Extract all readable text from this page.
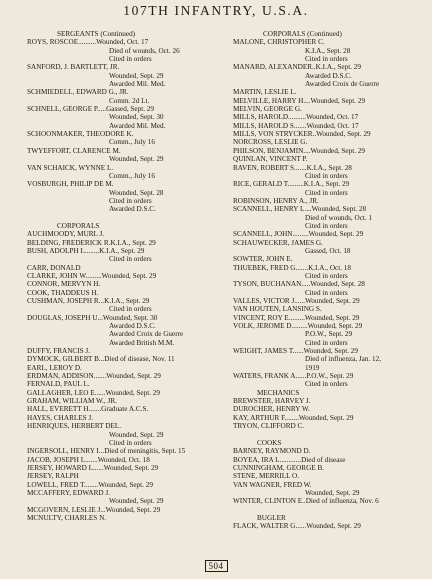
107TH INFANTRY, U.S.A.
SERGEANTS (Continued)
ROYS, ROSCOE..........Wounded, Oct. 17
Died of wounds, Oct. 26
Cited in orders
SANFORD, J. BARTLETT, JR.
Wounded, Sept. 29
Awarded Mil. Med.
SCHMIEDELL, EDWARD G., JR.
Comm. 2d Lt.
SCHNELL, GEORGE P.....Gassed, Sept. 29
Wounded, Sept. 30
Awarded Mil. Med.
SCHOONMAKER, THEODORE K.
Comm., July 16
TWYEFFORT, CLARENCE M.
Wounded, Sept. 29
VAN SCHAICK, WYNNE L.
Comm., July 16
VOSBURGH, PHILIP DE M.
Wounded, Sept. 28
Cited in orders
Awarded D.S.C.
CORPORALS
AUCHMOODY, MURL J.
BELDING, FREDERICK R.K.I.A., Sept. 29
BUSH, ADOLPH L........K.I.A., Sept. 29
Cited in orders
CARR, DONALD
CLARKE, JOHN W.........Wounded, Sept. 29
CONNOR, MERVYN H.
COOK, THADDEUS H.
CUSHMAN, JOSEPH R...K.I.A., Sept. 29
Cited in orders
DOUGLAS, JOSEPH U...Wounded, Sept. 30
Awarded D.S.C.
Awarded Croix de Guerre
Awarded British M.M.
DUFFY, FRANCIS J.
DYMOCK, GILBERT B...Died of disease, Nov. 11
EARL, LEROY D.
ERDMAN, ADDISON.......Wounded, Sept. 29
FERNALD, PAUL L.
GALLAGHER, LEO E......Wounded, Sept. 29
GRAHAM, WILLIAM W., JR.
HALL, EVERETT H.......Graduate A.C.S.
HAYES, CHARLES J.
HENRIQUES, HERBERT DEL.
Wounded, Sept. 29
Cited in orders
INGERSOLL, HENRY I...Died of meningitis, Sept. 15
JACOB, JOSEPH L.......Wounded, Oct. 18
JERSEY, HOWARD L......Wounded, Sept. 29
JERSEY, RALPH
LOWELL, FRED T........Wounded, Sept. 29
MCCAFFERY, EDWARD J.
Wounded, Sept. 29
MCGOVERN, LESLIE J...Wounded, Sept. 29
MCNULTY, CHARLES N.
CORPORALS (Continued)
MALONE, CHRISTOPHER C.
K.I.A., Sept. 28
Cited in orders
MANARD, ALEXANDER..K.I.A., Sept. 29
Awarded D.S.C.
Awarded Croix de Guerre
MARTIN, LESLIE L.
MELVILLE, HARRY H....Wounded, Sept. 29
MELVIN, GEORGE G.
MILLS, HAROLD..........Wounded, Oct. 17
MILLS, HAROLD S.......Wounded, Oct. 17
MILLS, VON STRYCKER..Wounded, Sept. 29
NORCROSS, LESLIE G.
PHILSON, BENJAMIN....Wounded, Sept. 29
QUINLAN, VINCENT P.
RAVEN, ROBERT S.......K.I.A., Sept. 28
Cited in orders
RICE, GERALD T.........K.I.A., Sept. 29
Cited in orders
ROBINSON, HENRY A., JR.
SCANNELL, HENRY L....Wounded, Sept. 28
Died of wounds, Oct. 1
Cited in orders
SCANNELL, JOHN.........Wounded, Sept. 29
SCHAUWECKER, JAMES G.
Gassed, Oct. 18
SOWTER, JOHN E.
THUEBEK, FRED G.......K.I.A., Oct. 18
Cited in orders
TYSON, BUCHANAN.....Wounded, Sept. 28
Cited in orders
VALLES, VICTOR J......Wounded, Sept. 29
VAN HOUTEN, LANSING S.
VINCENT, ROY E.........Wounded, Sept. 29
VOLK, JEROME D.........Wounded, Sept. 29
P.O.W., Sept. 29
Cited in orders
WEIGHT, JAMES T......Wounded, Sept. 29
Died of influenza, Jan. 12,
1919
WATERS, FRANK A......P.O.W., Sept. 29
Cited in orders
MECHANICS
BREWSTER, HARVEY J.
DUROCHER, HENRY W.
KAY, ARTHUR F........Wounded, Sept. 29
TRYON, CLIFFORD C.
COOKS
BARNEY, RAYMOND D.
BOYEA, IRA L............Died of disease
CUNNINGHAM, GEORGE B.
STENE, MERRILL O.
VAN WAGNER, FRED W.
Wounded, Sept. 29
WINTER, CLINTON E..Died of influenza, Nov. 6
BUGLER
FLACK, WALTER G......Wounded, Sept. 29
504
